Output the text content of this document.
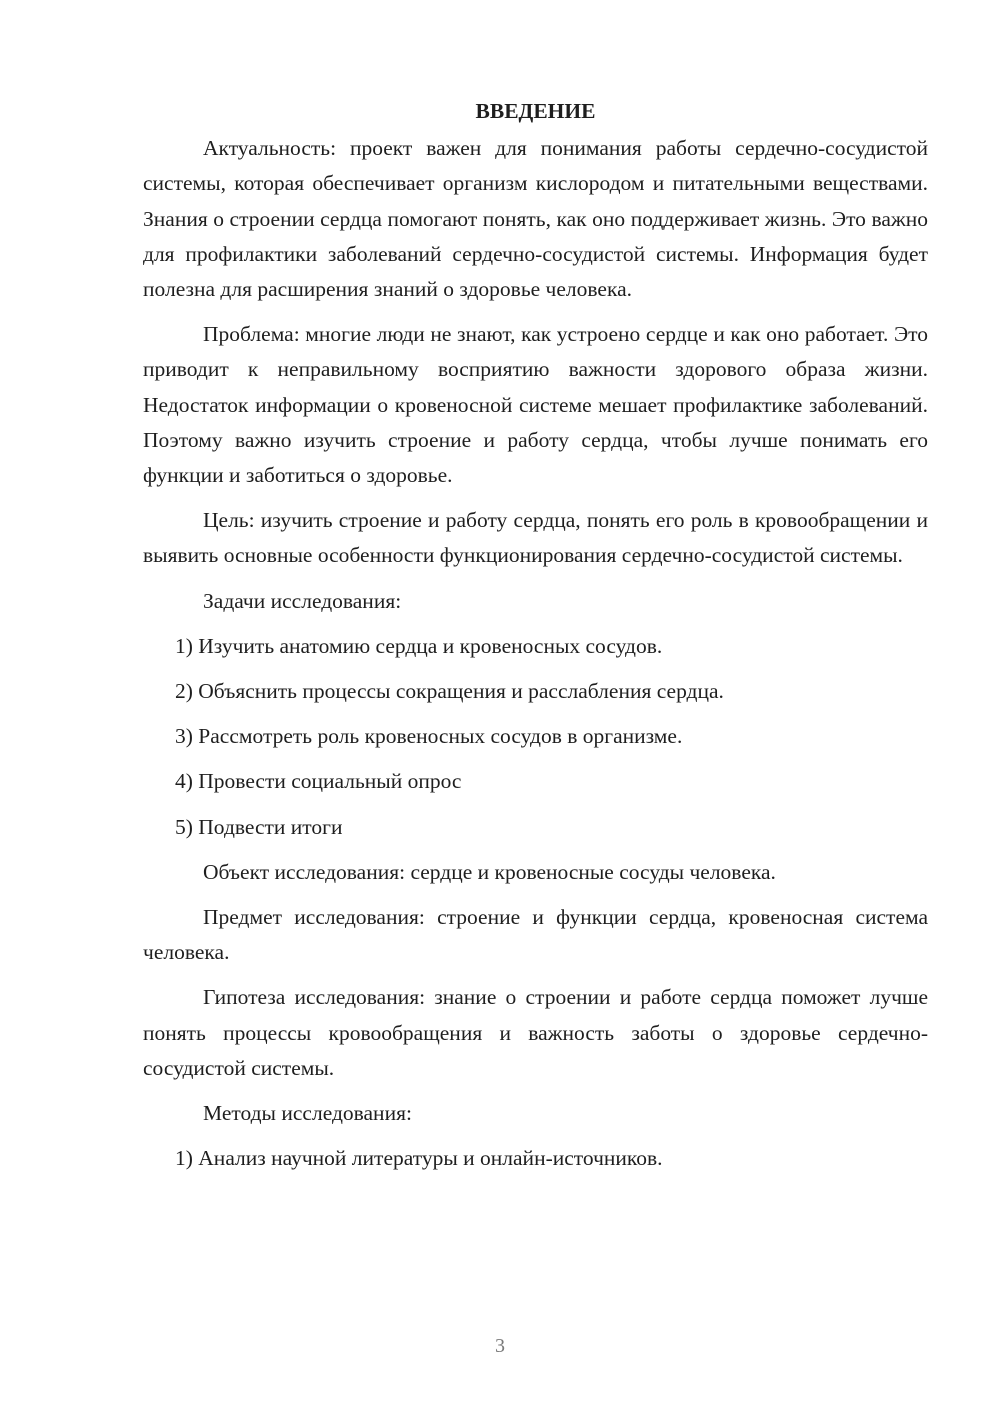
ВВЕДЕНИЕ

Актуальность: проект важен для понимания работы сердечно-сосудистой системы, которая обеспечивает организм кислородом и питательными веществами. Знания о строении сердца помогают понять, как оно поддерживает жизнь. Это важно для профилактики заболеваний сердечно-сосудистой системы. Информация будет полезна для расширения знаний о здоровье человека.

Проблема: многие люди не знают, как устроено сердце и как оно работает. Это приводит к неправильному восприятию важности здорового образа жизни. Недостаток информации о кровеносной системе мешает профилактике заболеваний. Поэтому важно изучить строение и работу сердца, чтобы лучше понимать его функции и заботиться о здоровье.

Цель: изучить строение и работу сердца, понять его роль в кровообращении и выявить основные особенности функционирования сердечно-сосудистой системы.

Задачи исследования:
1) Изучить анатомию сердца и кровеносных сосудов.
2) Объяснить процессы сокращения и расслабления сердца.
3) Рассмотреть роль кровеносных сосудов в организме.
4) Провести социальный опрос
5) Подвести итоги

Объект исследования: сердце и кровеносные сосуды человека.

Предмет исследования: строение и функции сердца, кровеносная система человека.

Гипотеза исследования: знание о строении и работе сердца поможет лучше понять процессы кровообращения и важность заботы о здоровье сердечно-сосудистой системы.

Методы исследования:
1) Анализ научной литературы и онлайн-источников.
3
